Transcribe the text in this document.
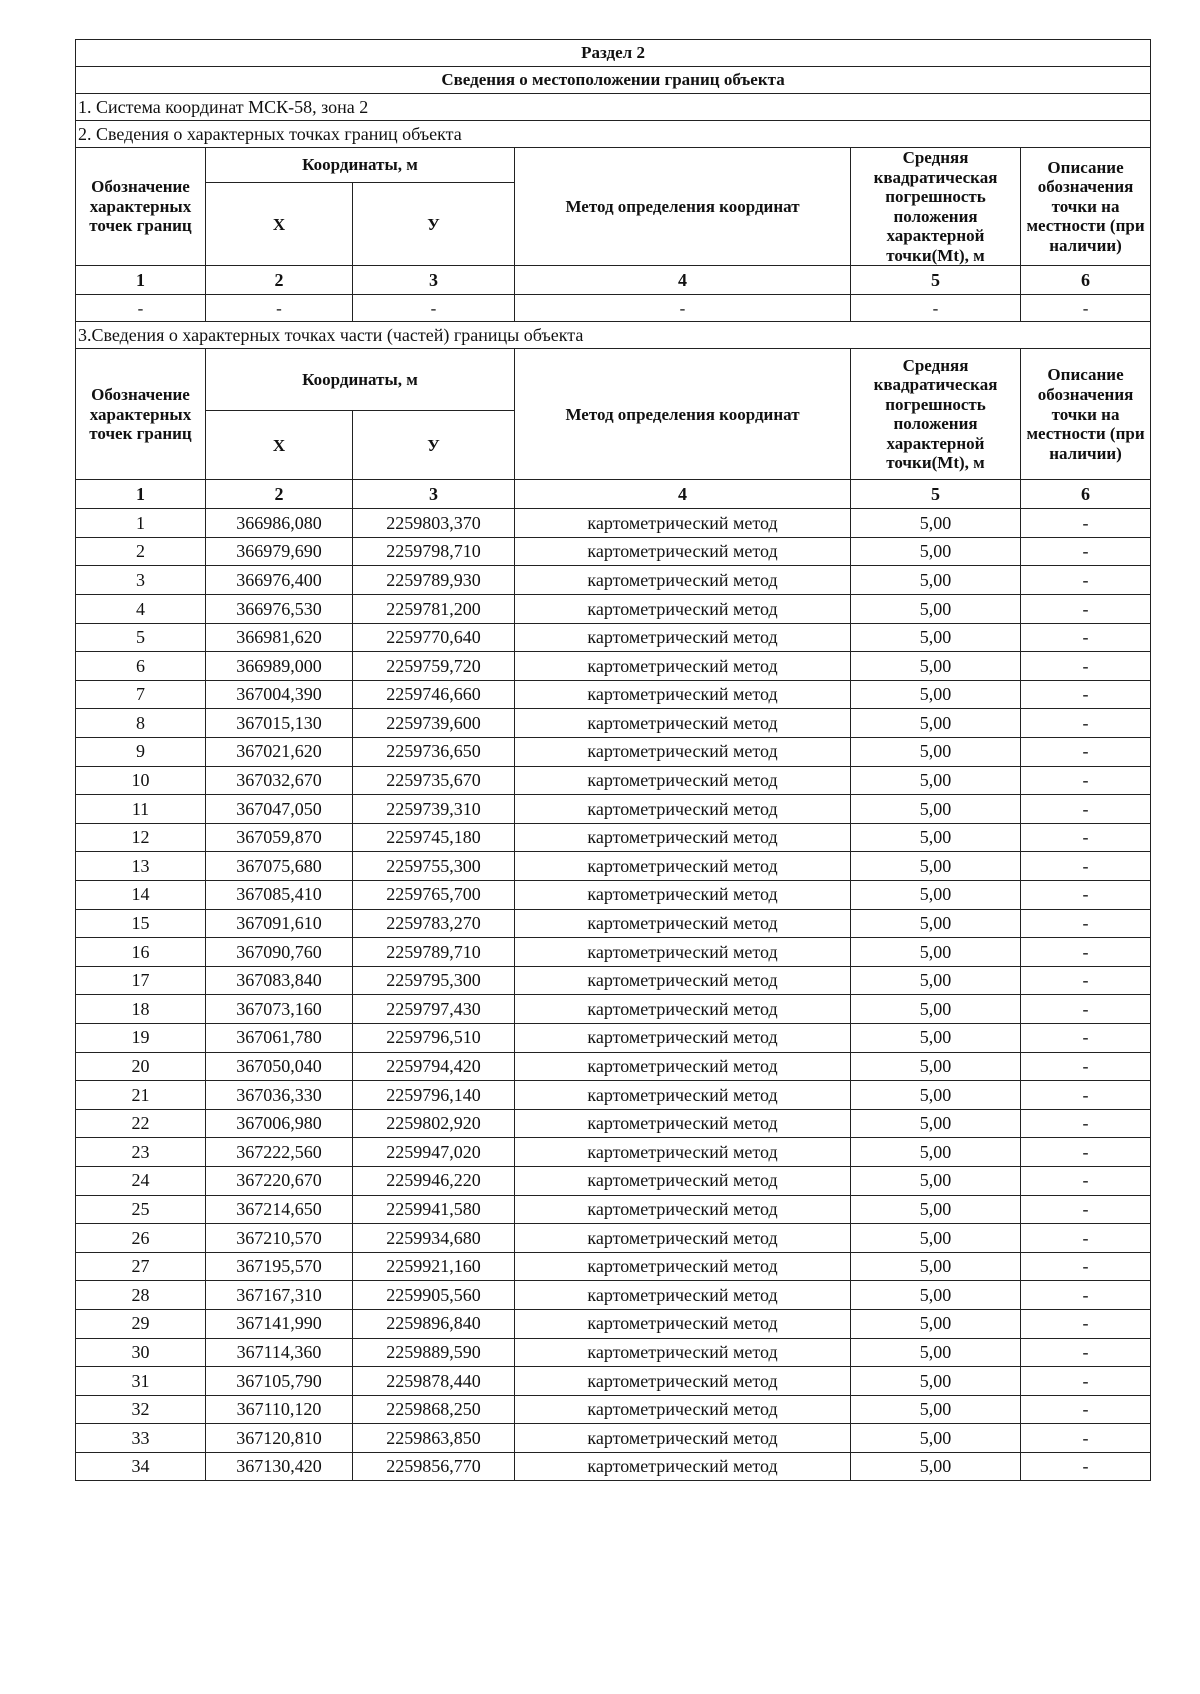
Раздел 2					
Сведения о местоположении границ объекта					
1. Система координат МСК-58, зона 2					
2. Сведения о характерных точках границ объекта					
Обозначение характерных точек границ	Координаты, м		Метод определения координат	Средняя квадратическая погрешность положения характерной точки(Mt), м	Описание обозначения точки на местности (при наличии)
	X	У			
1	2	3	4	5	6
-	-	-	-	-	-
3.Сведения о характерных точках части (частей) границы объекта					
Обозначение характерных точек границ	Координаты, м		Метод определения координат	Средняя квадратическая погрешность положения характерной точки(Mt), м	Описание обозначения точки на местности (при наличии)
	X	У			
1	2	3	4	5	6
1	366986,080	2259803,370	картометрический метод	5,00	-
2	366979,690	2259798,710	картометрический метод	5,00	-
3	366976,400	2259789,930	картометрический метод	5,00	-
4	366976,530	2259781,200	картометрический метод	5,00	-
5	366981,620	2259770,640	картометрический метод	5,00	-
6	366989,000	2259759,720	картометрический метод	5,00	-
7	367004,390	2259746,660	картометрический метод	5,00	-
8	367015,130	2259739,600	картометрический метод	5,00	-
9	367021,620	2259736,650	картометрический метод	5,00	-
10	367032,670	2259735,670	картометрический метод	5,00	-
11	367047,050	2259739,310	картометрический метод	5,00	-
12	367059,870	2259745,180	картометрический метод	5,00	-
13	367075,680	2259755,300	картометрический метод	5,00	-
14	367085,410	2259765,700	картометрический метод	5,00	-
15	367091,610	2259783,270	картометрический метод	5,00	-
16	367090,760	2259789,710	картометрический метод	5,00	-
17	367083,840	2259795,300	картометрический метод	5,00	-
18	367073,160	2259797,430	картометрический метод	5,00	-
19	367061,780	2259796,510	картометрический метод	5,00	-
20	367050,040	2259794,420	картометрический метод	5,00	-
21	367036,330	2259796,140	картометрический метод	5,00	-
22	367006,980	2259802,920	картометрический метод	5,00	-
23	367222,560	2259947,020	картометрический метод	5,00	-
24	367220,670	2259946,220	картометрический метод	5,00	-
25	367214,650	2259941,580	картометрический метод	5,00	-
26	367210,570	2259934,680	картометрический метод	5,00	-
27	367195,570	2259921,160	картометрический метод	5,00	-
28	367167,310	2259905,560	картометрический метод	5,00	-
29	367141,990	2259896,840	картометрический метод	5,00	-
30	367114,360	2259889,590	картометрический метод	5,00	-
31	367105,790	2259878,440	картометрический метод	5,00	-
32	367110,120	2259868,250	картометрический метод	5,00	-
33	367120,810	2259863,850	картометрический метод	5,00	-
34	367130,420	2259856,770	картометрический метод	5,00	-
